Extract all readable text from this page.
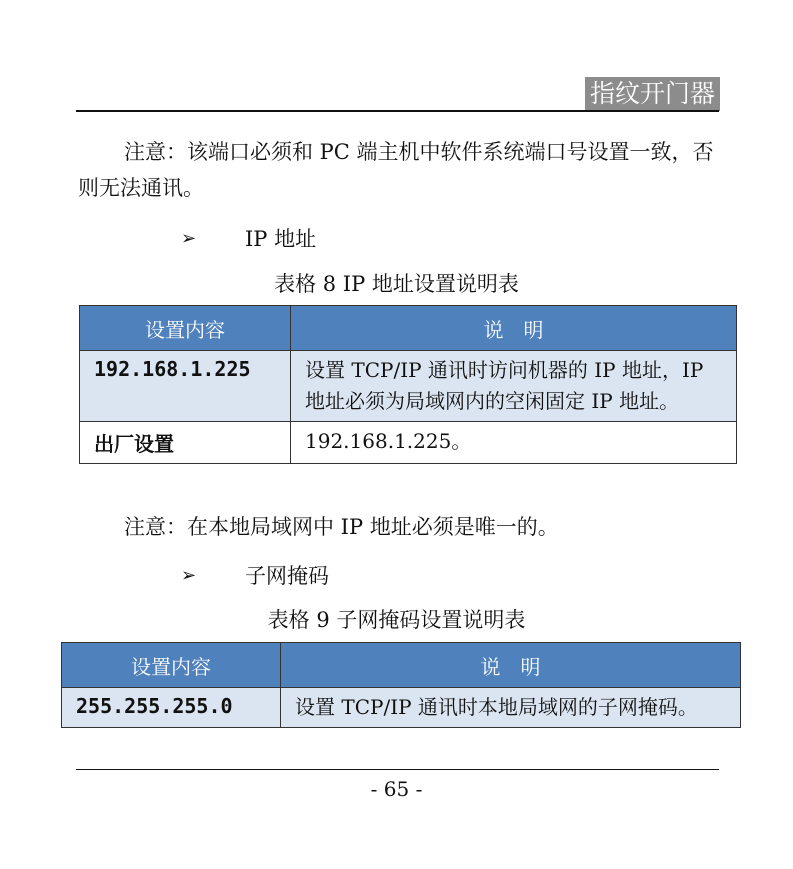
指纹开门器

注意：该端口必须和 PC 端主机中软件系统端口号设置一致，否则无法通讯。

➢	IP 地址
表格 8 IP 地址设置说明表
设置内容	说　明
192.168.1.225	设置 TCP/IP 通讯时访问机器的 IP 地址，IP 地址必须为局域网内的空闲固定 IP 地址。
出厂设置	192.168.1.225。

注意：在本地局域网中 IP 地址必须是唯一的。

➢	子网掩码
表格 9 子网掩码设置说明表
设置内容	说　明
255.255.255.0	设置 TCP/IP 通讯时本地局域网的子网掩码。
- 65 -
